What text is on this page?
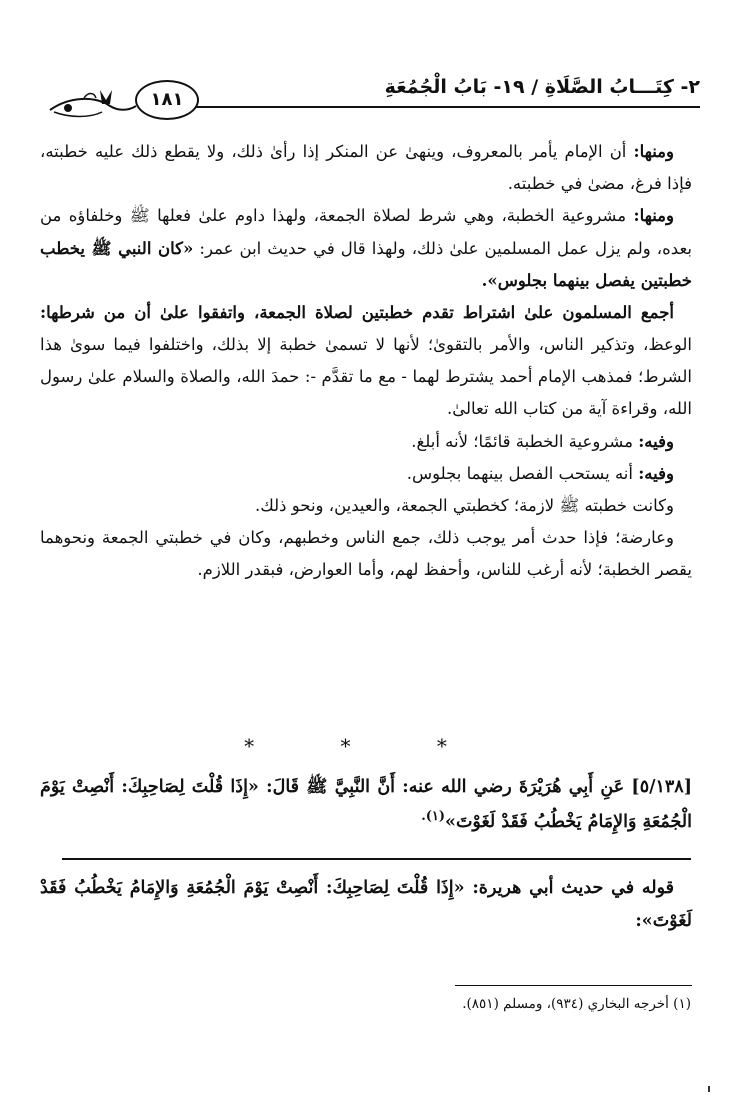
٢- كِتَـــابُ الصَّلَاةِ / ١٩- بَابُ الْجُمُعَةِ
١٨١

ومنها: أن الإمام يأمر بالمعروف، وينهىٰ عن المنكر إذا رأىٰ ذلك، ولا يقطع ذلك عليه خطبته، فإذا فرغ، مضىٰ في خطبته.

ومنها: مشروعية الخطبة، وهي شرط لصلاة الجمعة، ولهذا داوم علىٰ فعلها ﷺ وخلفاؤه من بعده، ولم يزل عمل المسلمين علىٰ ذلك، ولهذا قال في حديث ابن عمر: «كان النبي ﷺ يخطب خطبتين يفصل بينهما بجلوس».

أجمع المسلمون علىٰ اشتراط تقدم خطبتين لصلاة الجمعة، واتفقوا علىٰ أن من شرطها: الوعظ، وتذكير الناس، والأمر بالتقوىٰ؛ لأنها لا تسمىٰ خطبة إلا بذلك، واختلفوا فيما سوىٰ هذا الشرط؛ فمذهب الإمام أحمد يشترط لهما - مع ما تقدَّم -: حمدَ الله، والصلاة والسلام علىٰ رسول الله، وقراءة آية من كتاب الله تعالىٰ.

وفيه: مشروعية الخطبة قائمًا؛ لأنه أبلغ.

وفيه: أنه يستحب الفصل بينهما بجلوس.

وكانت خطبته ﷺ لازمة؛ كخطبتي الجمعة، والعيدين، ونحو ذلك.

وعارضة؛ فإذا حدث أمر يوجب ذلك، جمع الناس وخطبهم، وكان في خطبتي الجمعة ونحوهما يقصر الخطبة؛ لأنه أرغب للناس، وأحفظ لهم، وأما العوارض، فبقدر اللازم.

* * *

[٥/١٣٨] عَنِ أَبِي هُرَيْرَةَ رضي الله عنه: أَنَّ النَّبِيَّ ﷺ قَالَ: «إِذَا قُلْتَ لِصَاحِبِكَ: أَنْصِتْ يَوْمَ الْجُمُعَةِ وَالإِمَامُ يَخْطُبُ فَقَدْ لَغَوْتَ»$^{(١).}$

قوله في حديث أبي هريرة: «إِذَا قُلْتَ لِصَاحِبِكَ: أَنْصِتْ يَوْمَ الْجُمُعَةِ وَالإِمَامُ يَخْطُبُ فَقَدْ لَغَوْتَ»:

(١) أخرجه البخاري (٩٣٤)، ومسلم (٨٥١).
